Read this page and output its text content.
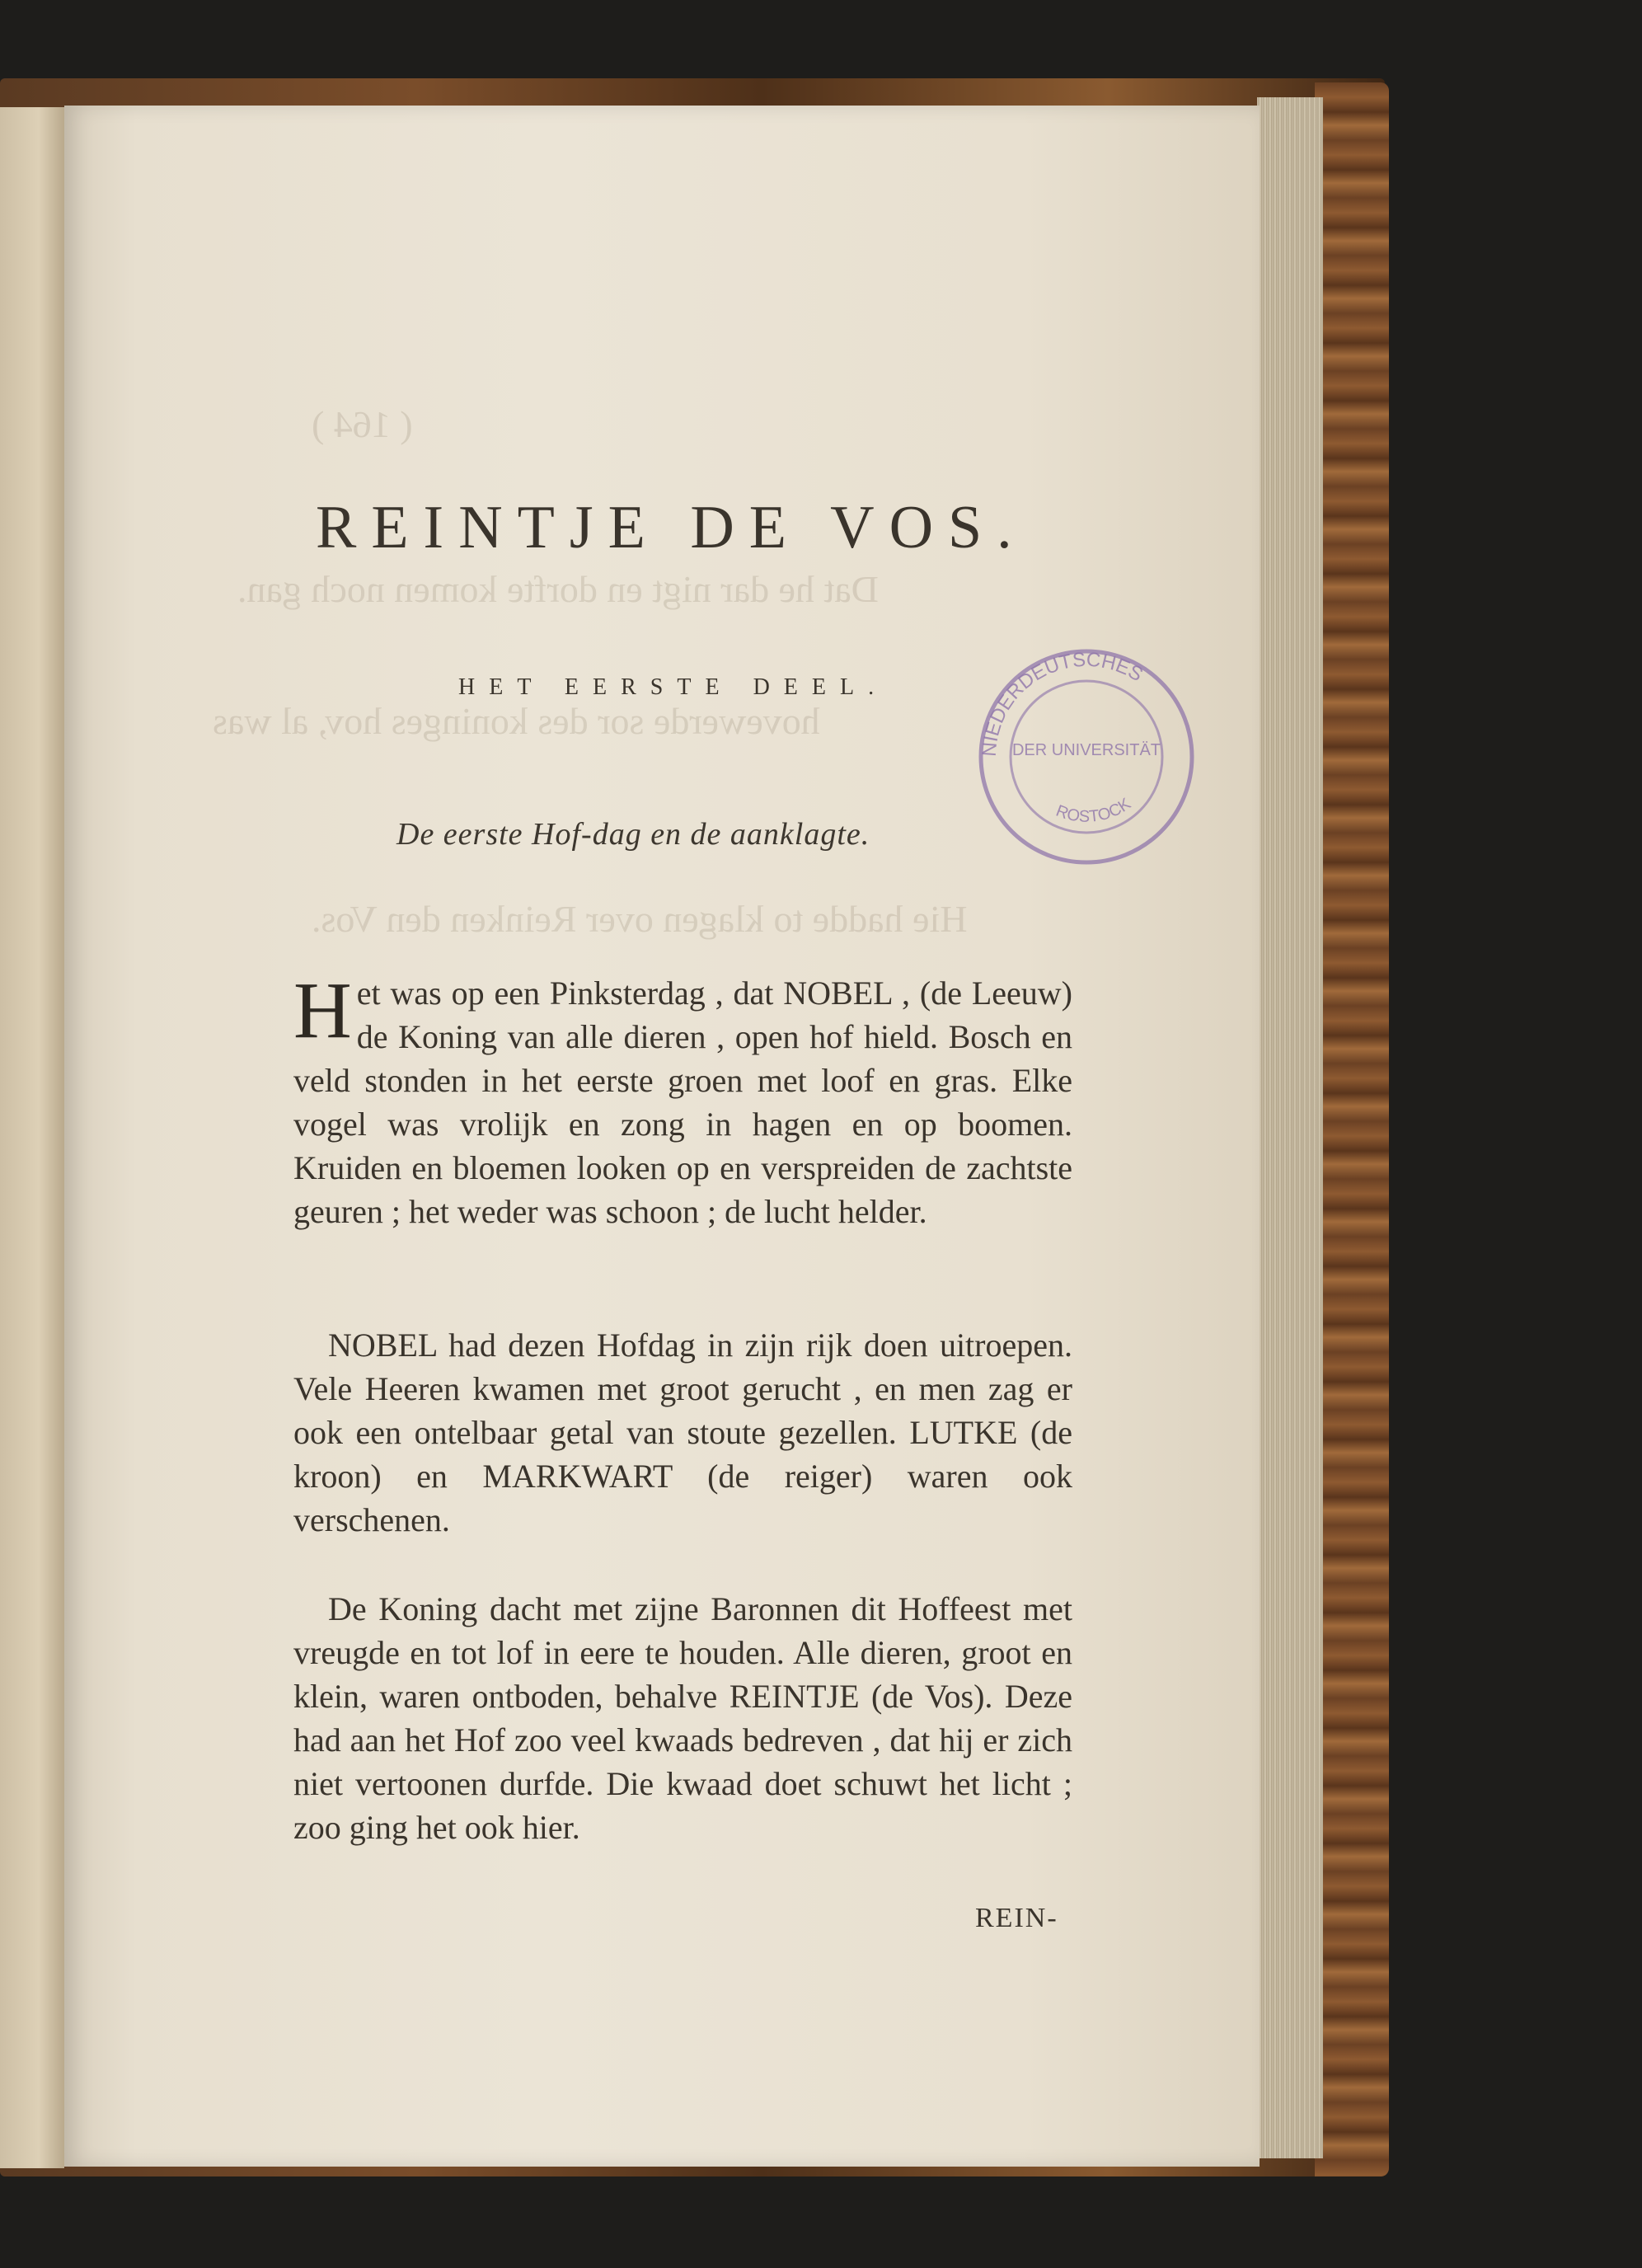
( 164 )
Dat he dar nigt en dorfte komen noch gan.
hovewerde sor des koninges hov, al was
Hie hadde to klagen over Reinken den Vos.
REINTJE DE VOS.
HET EERSTE DEEL.
De eerste Hof-dag en de aanklagte.
Het was op een Pinksterdag , dat NOBEL , (de Leeuw) de Koning van alle dieren , open hof hield. Bosch en veld stonden in het eerste groen met loof en gras. Elke vogel was vrolijk en zong in hagen en op boomen. Kruiden en bloemen looken op en verspreiden de zachtste geuren ; het weder was schoon ; de lucht helder.
NOBEL had dezen Hofdag in zijn rijk doen uitroepen. Vele Heeren kwamen met groot gerucht , en men zag er ook een ontelbaar getal van stoute gezellen. LUTKE (de kroon) en MARKWART (de reiger) waren ook verschenen.
De Koning dacht met zijne Baronnen dit Hoffeest met vreugde en tot lof in eere te houden. Alle dieren, groot en klein, waren ontboden, behalve REINTJE (de Vos). Deze had aan het Hof zoo veel kwaads bedreven , dat hij er zich niet vertoonen durfde. Die kwaad doet schuwt het licht ; zoo ging het ook hier.
REIN-
NIEDERDEUTSCHES
DER UNIVERSITÄT
ROSTOCK
